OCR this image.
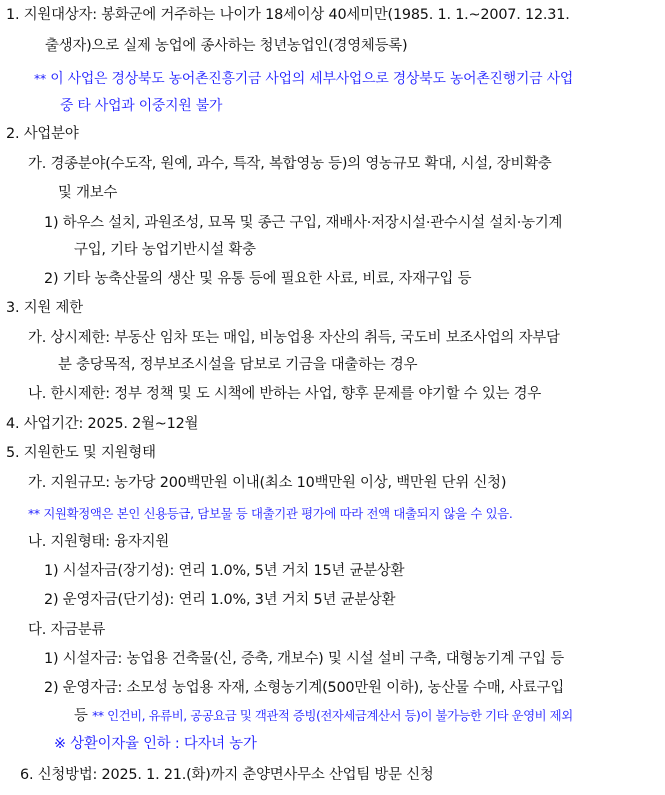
1. 지원대상자: 봉화군에 거주하는 나이가 18세이상 40세미만(1985. 1. 1.~2007. 12.31.
출생자)으로 실제 농업에 종사하는 청년농업인(경영체등록)
** 이 사업은 경상북도 농어촌진흥기금 사업의 세부사업으로 경상북도 농어촌진행기금 사업
중 타 사업과 이중지원 불가
2. 사업분야
가. 경종분야(수도작, 원예, 과수, 특작, 복합영농 등)의 영농규모 확대, 시설, 장비확충
및 개보수
1) 하우스 설치, 과원조성, 묘목 및 종근 구입, 재배사·저장시설·관수시설 설치·농기계
구입, 기타 농업기반시설 확충
2) 기타 농축산물의 생산 및 유통 등에 필요한 사료, 비료, 자재구입 등
3. 지원 제한
가. 상시제한: 부동산 임차 또는 매입, 비농업용 자산의 취득, 국도비 보조사업의 자부담
분 충당목적, 정부보조시설을 담보로 기금을 대출하는 경우
나. 한시제한: 정부 정책 및 도 시책에 반하는 사업, 향후 문제를 야기할 수 있는 경우
4. 사업기간: 2025. 2월~12월
5. 지원한도 및 지원형태
가. 지원규모: 농가당 200백만원 이내(최소 10백만원 이상, 백만원 단위 신청)
** 지원확정액은 본인 신용등급, 담보물 등 대출기관 평가에 따라 전액 대출되지 않을 수 있음.
나. 지원형태: 융자지원
1) 시설자금(장기성): 연리 1.0%, 5년 거치 15년 균분상환
2) 운영자금(단기성): 연리 1.0%, 3년 거치 5년 균분상환
다. 자금분류
1) 시설자금: 농업용 건축물(신, 증축, 개보수) 및 시설 설비 구축, 대형농기계 구입 등
2) 운영자금: 소모성 농업용 자재, 소형농기계(500만원 이하), 농산물 수매, 사료구입
등 ** 인건비, 유류비, 공공요금 및 객관적 증빙(전자세금계산서 등)이 불가능한 기타 운영비 제외
※ 상환이자율 인하 : 다자녀 농가
6. 신청방법: 2025. 1. 21.(화)까지 춘양면사무소 산업팀 방문 신청
